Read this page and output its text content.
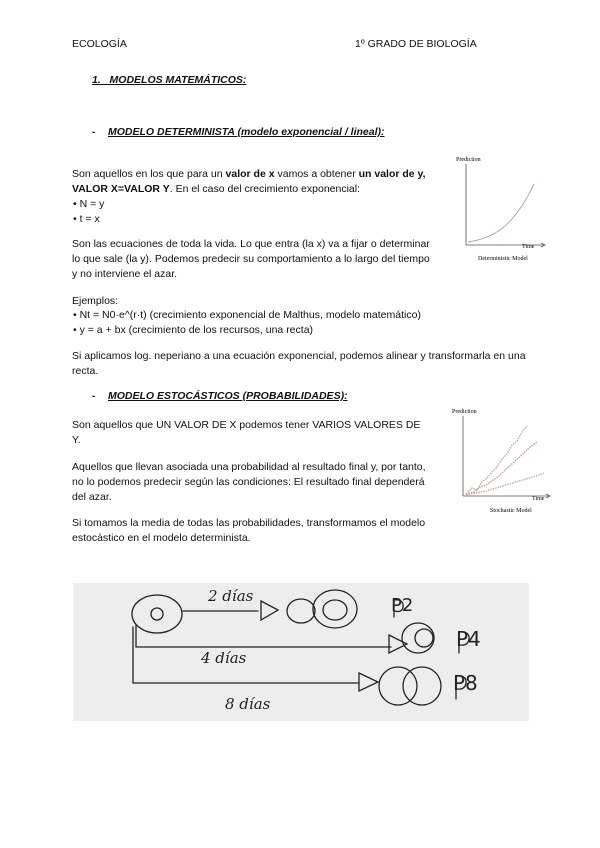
ECOLOGÍA	1º GRADO DE BIOLOGÍA
1. MODELOS MATEMÁTICOS:
- MODELO DETERMINISTA (modelo exponencial / lineal):
Son aquellos en los que para un valor de x vamos a obtener un valor de y, VALOR X=VALOR Y. En el caso del crecimiento exponencial:
• N = y
• t = x
Son las ecuaciones de toda la vida. Lo que entra (la x) va a fijar o determinar lo que sale (la y). Podemos predecir su comportamiento a lo largo del tiempo y no interviene el azar.
Ejemplos:
• Nt = N0·e^(r·t) (crecimiento exponencial de Malthus, modelo matemático)
• y = a + bx (crecimiento de los recursos, una recta)
Si aplicamos log. neperiano a una ecuación exponencial, podemos alinear y transformarla en una recta.
Prediction
Time
Deterministic Model
- MODELO ESTOCÁSTICOS (PROBABILIDADES):
Son aquellos que UN VALOR DE X podemos tener VARIOS VALORES DE Y.
Aquellos que llevan asociada una probabilidad al resultado final y, por tanto, no lo podemos predecir según las condiciones: El resultado final dependerá del azar.
Si tomamos la media de todas las probabilidades, transformamos el modelo estocástico en el modelo determinista.
Prediction
Time
Stochastic Model
2 días
4 días
8 días
P2
P4
P8
